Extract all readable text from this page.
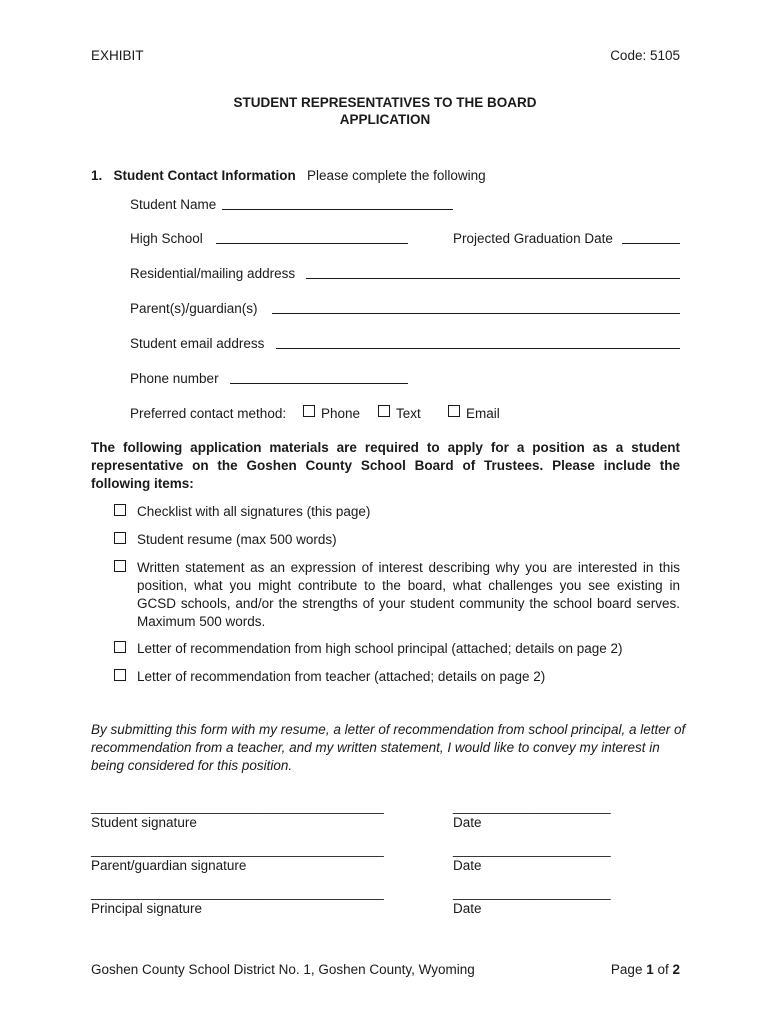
EXHIBIT	Code: 5105
STUDENT REPRESENTATIVES TO THE BOARD
APPLICATION
1. Student Contact Information Please complete the following
Student Name
High School	Projected Graduation Date
Residential/mailing address
Parent(s)/guardian(s)
Student email address
Phone number
Preferred contact method:	Phone	Text	Email
The following application materials are required to apply for a position as a student representative on the Goshen County School Board of Trustees. Please include the following items:
Checklist with all signatures (this page)
Student resume (max 500 words)
Written statement as an expression of interest describing why you are interested in this position, what you might contribute to the board, what challenges you see existing in GCSD schools, and/or the strengths of your student community the school board serves. Maximum 500 words.
Letter of recommendation from high school principal (attached; details on page 2)
Letter of recommendation from teacher (attached; details on page 2)
By submitting this form with my resume, a letter of recommendation from school principal, a letter of recommendation from a teacher, and my written statement, I would like to convey my interest in being considered for this position.
_______________________________________	_____________________
Student signature	Date
_______________________________________	_____________________
Parent/guardian signature	Date
_______________________________________	_____________________
Principal signature	Date
Goshen County School District No. 1, Goshen County, Wyoming	Page 1 of 2
